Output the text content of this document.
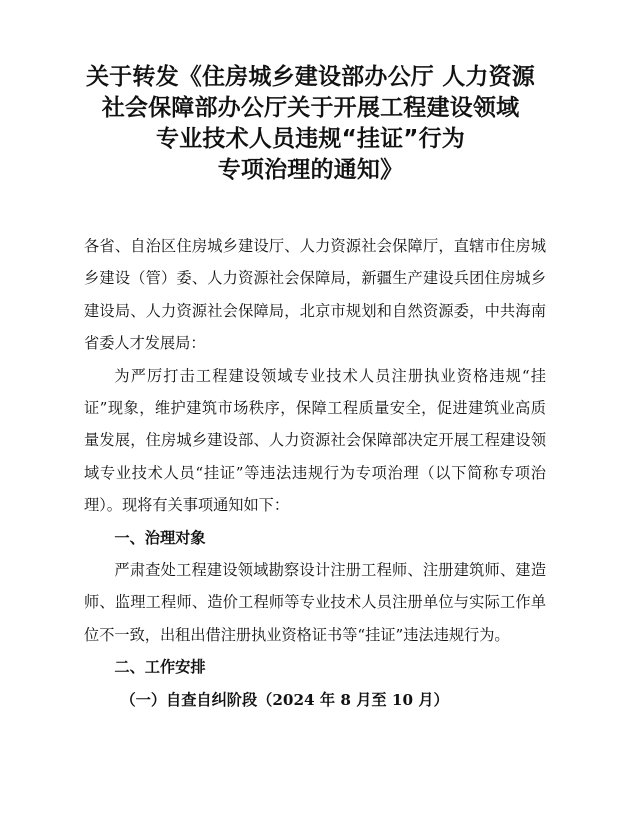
关于转发《住房城乡建设部办公厅 人力资源
社会保障部办公厅关于开展工程建设领域
专业技术人员违规“挂证”行为
专项治理的通知》

各省、自治区住房城乡建设厅、人力资源社会保障厅，直辖市住房城乡建设（管）委、人力资源社会保障局，新疆生产建设兵团住房城乡建设局、人力资源社会保障局，北京市规划和自然资源委，中共海南省委人才发展局：

为严厉打击工程建设领域专业技术人员注册执业资格违规“挂证”现象，维护建筑市场秩序，保障工程质量安全，促进建筑业高质量发展，住房城乡建设部、人力资源社会保障部决定开展工程建设领域专业技术人员“挂证”等违法违规行为专项治理（以下简称专项治理）。现将有关事项通知如下：

一、治理对象

严肃查处工程建设领域勘察设计注册工程师、注册建筑师、建造师、监理工程师、造价工程师等专业技术人员注册单位与实际工作单位不一致，出租出借注册执业资格证书等“挂证”违法违规行为。

二、工作安排

（一）自查自纠阶段（2024 年 8 月至 10 月）
